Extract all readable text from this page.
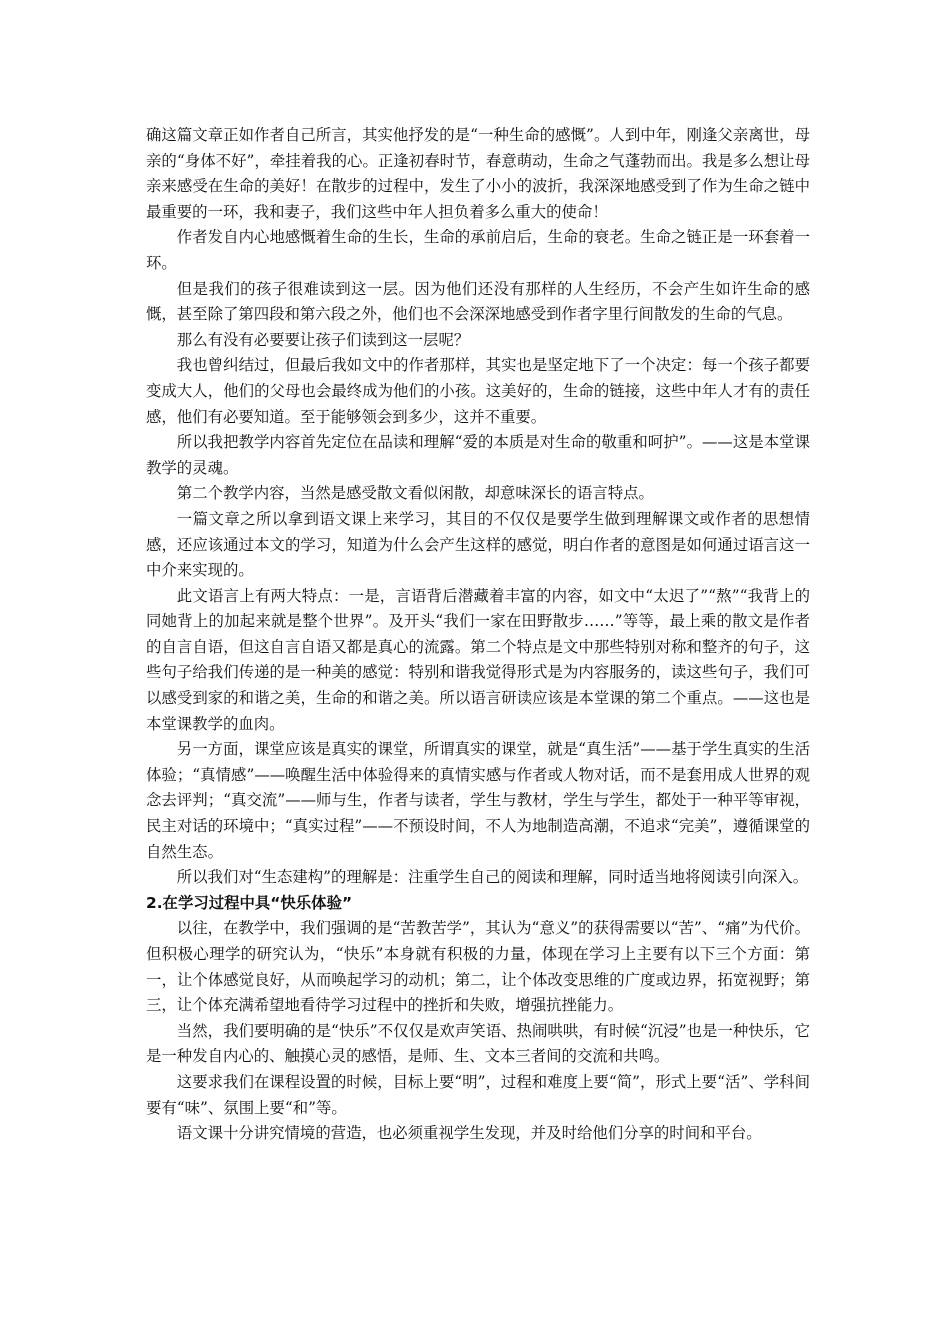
确这篇文章正如作者自己所言，其实他抒发的是“一种生命的感慨”。人到中年，刚逢父亲离世，母亲的“身体不好”，牵挂着我的心。正逢初春时节，春意萌动，生命之气蓬勃而出。我是多么想让母亲来感受在生命的美好！在散步的过程中，发生了小小的波折，我深深地感受到了作为生命之链中最重要的一环，我和妻子，我们这些中年人担负着多么重大的使命！

作者发自内心地感慨着生命的生长，生命的承前启后，生命的衰老。生命之链正是一环套着一环。

但是我们的孩子很难读到这一层。因为他们还没有那样的人生经历，不会产生如许生命的感慨，甚至除了第四段和第六段之外，他们也不会深深地感受到作者字里行间散发的生命的气息。

那么有没有必要要让孩子们读到这一层呢？

我也曾纠结过，但最后我如文中的作者那样，其实也是坚定地下了一个决定：每一个孩子都要变成大人，他们的父母也会最终成为他们的小孩。这美好的，生命的链接，这些中年人才有的责任感，他们有必要知道。至于能够领会到多少，这并不重要。

所以我把教学内容首先定位在品读和理解“爱的本质是对生命的敬重和呵护”。——这是本堂课教学的灵魂。

第二个教学内容，当然是感受散文看似闲散，却意味深长的语言特点。

一篇文章之所以拿到语文课上来学习，其目的不仅仅是要学生做到理解课文或作者的思想情感，还应该通过本文的学习，知道为什么会产生这样的感觉，明白作者的意图是如何通过语言这一中介来实现的。

此文语言上有两大特点：一是，言语背后潜藏着丰富的内容，如文中“太迟了”“熬”“我背上的同她背上的加起来就是整个世界”。及开头“我们一家在田野散步……”等等，最上乘的散文是作者的自言自语，但这自言自语又都是真心的流露。第二个特点是文中那些特别对称和整齐的句子，这些句子给我们传递的是一种美的感觉：特别和谐我觉得形式是为内容服务的，读这些句子，我们可以感受到家的和谐之美，生命的和谐之美。所以语言研读应该是本堂课的第二个重点。——这也是本堂课教学的血肉。

另一方面，课堂应该是真实的课堂，所谓真实的课堂，就是“真生活”——基于学生真实的生活体验；“真情感”——唤醒生活中体验得来的真情实感与作者或人物对话，而不是套用成人世界的观念去评判；“真交流”——师与生，作者与读者，学生与教材，学生与学生，都处于一种平等审视，民主对话的环境中；“真实过程”——不预设时间，不人为地制造高潮，不追求“完美”，遵循课堂的自然生态。

所以我们对“生态建构”的理解是：注重学生自己的阅读和理解，同时适当地将阅读引向深入。

2.在学习过程中具“快乐体验”

以往，在教学中，我们强调的是“苦教苦学”，其认为“意义”的获得需要以“苦”、“痛”为代价。但积极心理学的研究认为，“快乐”本身就有积极的力量，体现在学习上主要有以下三个方面：第一，让个体感觉良好，从而唤起学习的动机；第二，让个体改变思维的广度或边界，拓宽视野；第三，让个体充满希望地看待学习过程中的挫折和失败，增强抗挫能力。

当然，我们要明确的是“快乐”不仅仅是欢声笑语、热闹哄哄，有时候“沉浸”也是一种快乐，它是一种发自内心的、触摸心灵的感悟，是师、生、文本三者间的交流和共鸣。

这要求我们在课程设置的时候，目标上要“明”，过程和难度上要“简”，形式上要“活”、学科间要有“味”、氛围上要“和”等。

语文课十分讲究情境的营造，也必须重视学生发现，并及时给他们分享的时间和平台。
